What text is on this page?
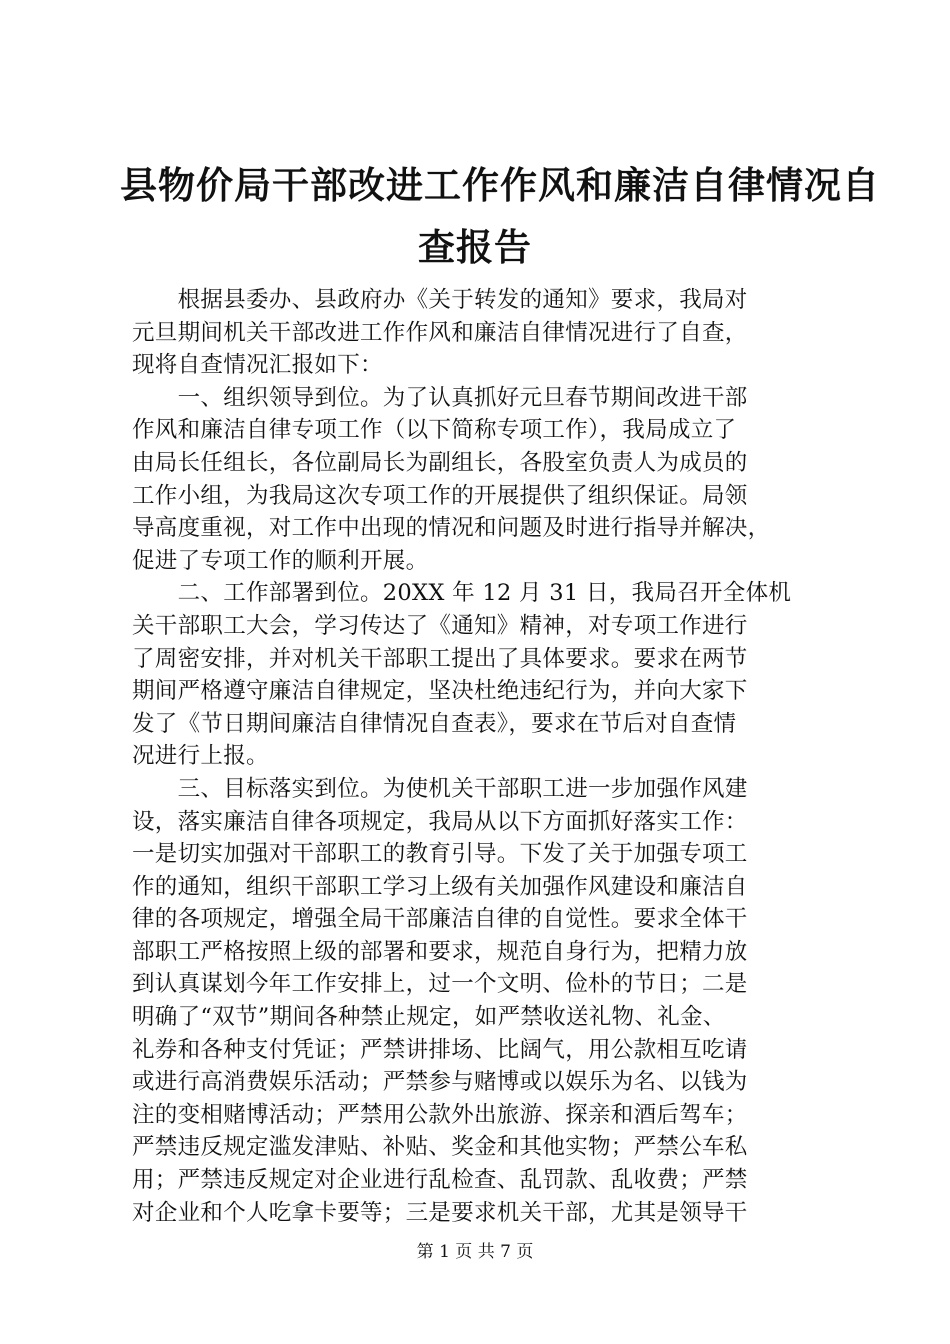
县物价局干部改进工作作风和廉洁自律情况自
查报告
　　根据县委办、县政府办《关于转发的通知》要求，我局对
元旦期间机关干部改进工作作风和廉洁自律情况进行了自查，
现将自查情况汇报如下：
　　一、组织领导到位。为了认真抓好元旦春节期间改进干部
作风和廉洁自律专项工作（以下简称专项工作），我局成立了
由局长任组长，各位副局长为副组长，各股室负责人为成员的
工作小组，为我局这次专项工作的开展提供了组织保证。局领
导高度重视，对工作中出现的情况和问题及时进行指导并解决，
促进了专项工作的顺利开展。
　　二、工作部署到位。20XX 年 12 月 31 日，我局召开全体机
关干部职工大会，学习传达了《通知》精神，对专项工作进行
了周密安排，并对机关干部职工提出了具体要求。要求在两节
期间严格遵守廉洁自律规定，坚决杜绝违纪行为，并向大家下
发了《节日期间廉洁自律情况自查表》，要求在节后对自查情
况进行上报。
　　三、目标落实到位。为使机关干部职工进一步加强作风建
设，落实廉洁自律各项规定，我局从以下方面抓好落实工作：
一是切实加强对干部职工的教育引导。下发了关于加强专项工
作的通知，组织干部职工学习上级有关加强作风建设和廉洁自
律的各项规定，增强全局干部廉洁自律的自觉性。要求全体干
部职工严格按照上级的部署和要求，规范自身行为，把精力放
到认真谋划今年工作安排上，过一个文明、俭朴的节日；二是
明确了“双节”期间各种禁止规定，如严禁收送礼物、礼金、
礼券和各种支付凭证；严禁讲排场、比阔气，用公款相互吃请
或进行高消费娱乐活动；严禁参与赌博或以娱乐为名、以钱为
注的变相赌博活动；严禁用公款外出旅游、探亲和酒后驾车；
严禁违反规定滥发津贴、补贴、奖金和其他实物；严禁公车私
用；严禁违反规定对企业进行乱检查、乱罚款、乱收费；严禁
对企业和个人吃拿卡要等；三是要求机关干部，尤其是领导干
第 1 页 共 7 页
